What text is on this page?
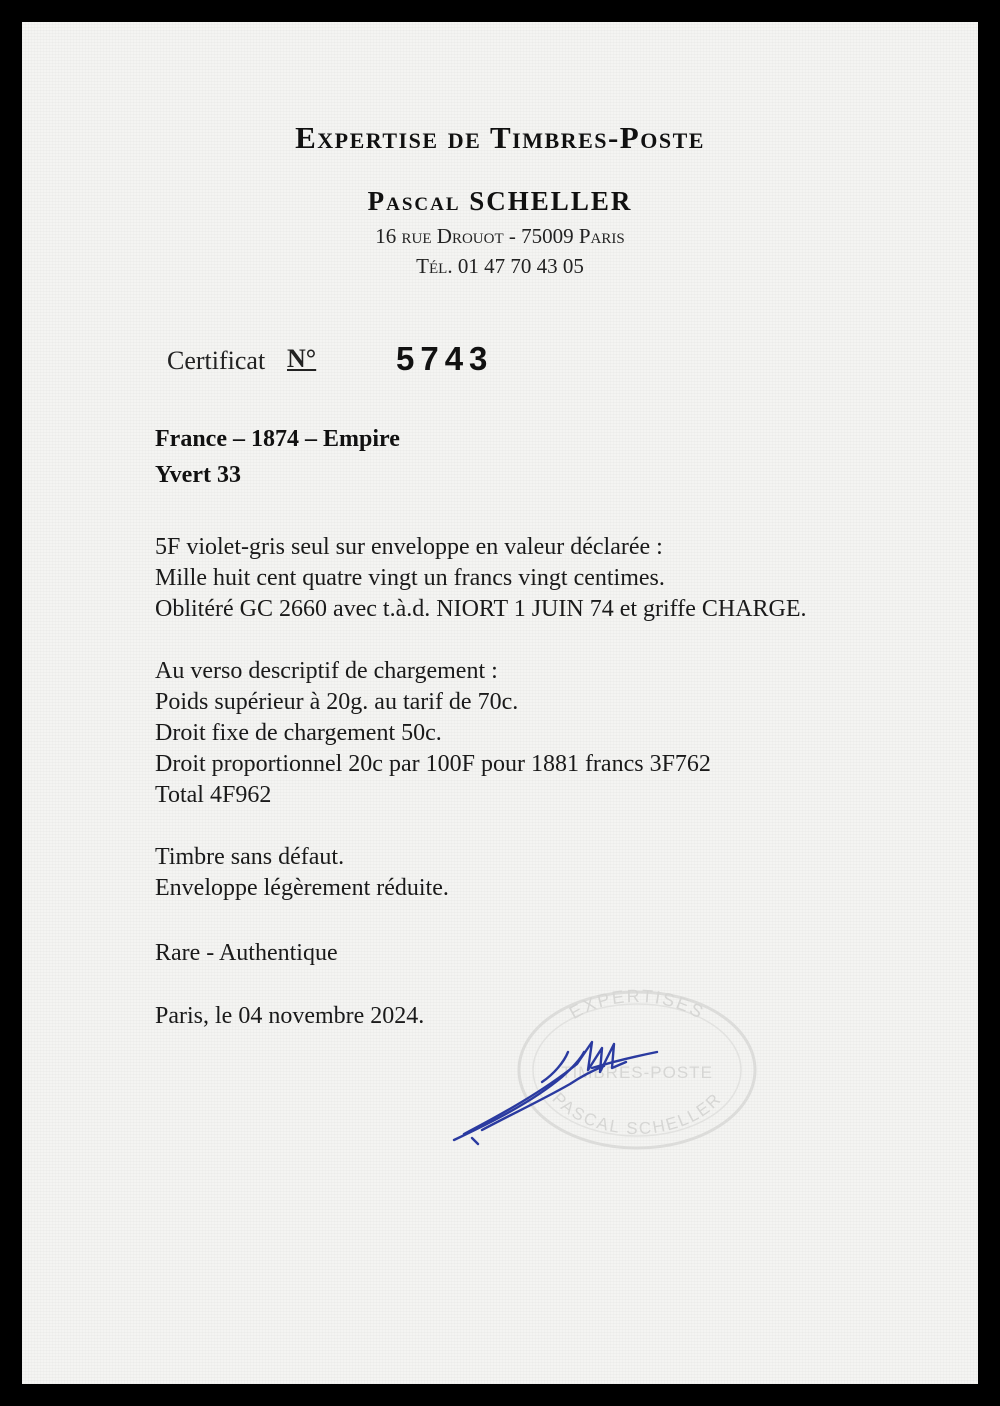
Expertise de Timbres-Poste
Pascal SCHELLER
16 rue Drouot - 75009 Paris
Tél. 01 47 70 43 05
Certificat N° 5743
France – 1874 – Empire
Yvert 33
5F violet-gris seul sur enveloppe en valeur déclarée :
Mille huit cent quatre vingt un francs vingt centimes.
Oblitéré GC 2660 avec t.à.d. NIORT 1 JUIN 74 et griffe CHARGE.
Au verso descriptif de chargement :
Poids supérieur à 20g. au tarif de 70c.
Droit fixe de chargement 50c.
Droit proportionnel 20c par 100F pour 1881 francs 3F762
Total 4F962
Timbre sans défaut.
Enveloppe légèrement réduite.
Rare - Authentique
Paris, le 04 novembre 2024.	EXPERTISES
TIMBRES-POSTE
PASCAL SCHELLER
